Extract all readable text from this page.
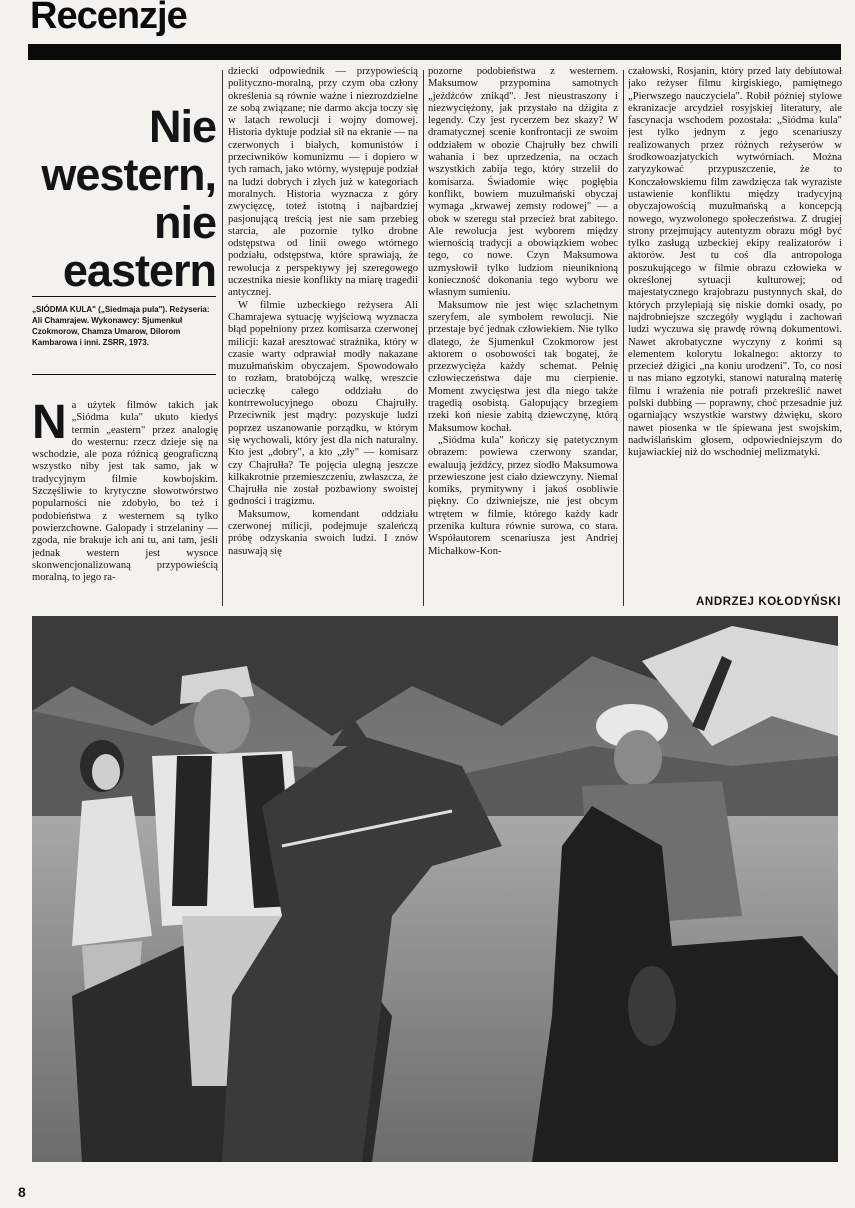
Recenzje
Nie
western,
nie
eastern

„SIÓDMA KULA" („Siedmaja pula"). Reżyseria: Ali Chamrajew. Wykonawcy: Sjumenkuł Czokmorow, Chamza Umarow, Dilorom Kambarowa i inni. ZSRR, 1973.

N a użytek filmów takich jak „Siódma kula" ukuto kiedyś termin „eastern" przez analogię do westernu: rzecz dzieje się na wschodzie, ale poza różnicą geograficzną wszystko niby jest tak samo, jak w tradycyjnym filmie kowbojskim. Szczęśliwie to krytyczne słowotwórstwo popularności nie zdobyło, bo też i podobieństwa z westernem są tylko powierzchowne. Galopady i strzelaniny — zgoda, nie brakuje ich ani tu, ani tam, jeśli jednak western jest wysoce skonwencjonalizowaną przypowieścią moralną, to jego ra-

dzieckí odpowiednik — przypowieścią polityczno-moralną, przy czym oba człony określenia są równie ważne i niezrozdzielne ze sobą związane; nie darmo akcja toczy się w latach rewolucji i wojny domowej. Historia dyktuje podział sił na ekranie — na czerwonych i białych, komunistów i przeciwników komunizmu — i dopiero w tych ramach, jako wtórny, występuje podział na ludzi dobrych i złych już w kategoriach moralnych. Historia wyznacza z góry zwycięzcę, toteż istotną i najbardziej pasjonującą treścią jest nie sam przebieg starcia, ale pozornie tylko drobne odstępstwa od linii owego wtórnego podziału, odstępstwa, które sprawiają, że rewolucja z perspektywy jej szeregowego uczestnika niesie konflikty na miarę tragedii antycznej.

W filmie uzbeckiego reżysera Ali Chamrajewa sytuację wyjściową wyznacza błąd popełniony przez komisarza czerwonej milicji: kazał aresztować strażnika, który w czasie warty odprawiał modły nakazane muzułmańskim obyczajem. Spowodowało to rozłam, bratobójczą walkę, wreszcie ucieczkę całego oddziału do kontrrewolucyjnego obozu Chajrułły. Przeciwnik jest mądry: pozyskuje ludzi poprzez uszanowanie porządku, w którym się wychowali, który jest dla nich naturalny. Kto jest „dobry", a kto „zły" — komisarz czy Chajrułła? Te pojęcia ulegną jeszcze kilkakrotnie przemieszczeniu, zwłaszcza, że Chajrułła nie został pozbawiony swoistej godności i tragizmu.

Maksumow, komendant oddziału czerwonej milicji, podejmuje szaleńczą próbę odzyskania swoich ludzi. I znów nasuwają się

pozorne podobieństwa z westernem. Maksumow przypomina samotnych „jeźdźców znikąd". Jest nieustraszony i niezwyciężony, jak przystało na dżigita z legendy. Czy jest rycerzem bez skazy? W dramatycznej scenie konfrontacji ze swoim oddziałem w obozie Chajrułły bez chwili wahania i bez uprzedzenia, na oczach wszystkich zabija tego, który strzelił do komisarza. Świadomie więc pogłębia konflikt, bowiem muzułmański obyczaj wymaga „krwawej zemsty rodowej" — a obok w szeregu stał przecież brat zabitego. Ale rewolucja jest wyborem między wiernością tradycji a obowiązkiem wobec tego, co nowe. Czyn Maksumowa uzmysłowił tylko ludziom nieuniknioną konieczność dokonania tego wyboru we własnym sumieniu.

Maksumow nie jest więc szlachetnym szeryfem, ale symbolem rewolucji. Nie przestaje być jednak człowiekiem. Nie tylko dlatego, że Sjumenkuł Czokmorow jest aktorem o osobowości tak bogatej, że przezwycięża każdy schemat. Pełnię człowieczeństwa daje mu cierpienie. Moment zwycięstwa jest dla niego także tragedią osobistą. Galopujący brzegiem rzeki koń niesie zabitą dziewczynę, którą Maksumow kochał.

„Siódma kula" kończy się patetycznym obrazem: powiewa czerwony szandar, ewaluują jeźdźcy, przez siodło Maksumowa przewieszone jest ciało dziewczyny. Niemal komiks, prymitywny i jakoś osobliwie piękny. Co dziwniejsze, nie jest obcym wtrętem w filmie, którego każdy kadr przenika kultura równie surowa, co stara. Współautorem scenariusza jest Andriej Michałkow-Kon-

czałowski, Rosjanin, który przed laty debiutował jako reżyser filmu kirgiskiego, pamiętnego „Pierwszego nauczyciela". Robił później stylowe ekranizacje arcydzieł rosyjskiej literatury, ale fascynacja wschodem pozostała: „Siódma kula" jest tylko jednym z jego scenariuszy realizowanych przez różnych reżyserów w środkowoazjatyckich wytwórniach. Można zaryzykować przypuszczenie, że to Konczałowskiemu film zawdzięcza tak wyraziste ustawienie konfliktu między tradycyjną obyczajowością muzułmańską a koncepcją nowego, wyzwolonego społeczeństwa. Z drugiej strony przejmujący autentyzm obrazu mógł być tylko zasługą uzbeckiej ekipy realizatorów i aktorów. Jest tu coś dla antropologa poszukującego w filmie obrazu człowieka w określonej sytuacji kulturowej; od majestatycznego krajobrazu pustynnych skał, do których przylepiają się niskie domki osady, po najdrobniejsze szczegóły wyglądu i zachowań ludzi wyczuwa się prawdę równą dokumentowi. Nawet akrobatyczne wyczyny z końmi są elementem kolorytu lokalnego: aktorzy to przecież dżigici „na koniu urodzeni". To, co nosi u nas miano egzotyki, stanowi naturalną materię filmu i wrażenia nie potrafi przekreślić nawet polski dubbing — poprawny, choć przesadnie już ogarniający wszystkie warstwy dźwięku, skoro nawet piosenka w tle śpiewana jest swojskim, nadwiślańskim głosem, odpowiedniejszym do kujawiackiej niż do wschodniej melizmatyki.

ANDRZEJ KOŁODYŃSKI

8
